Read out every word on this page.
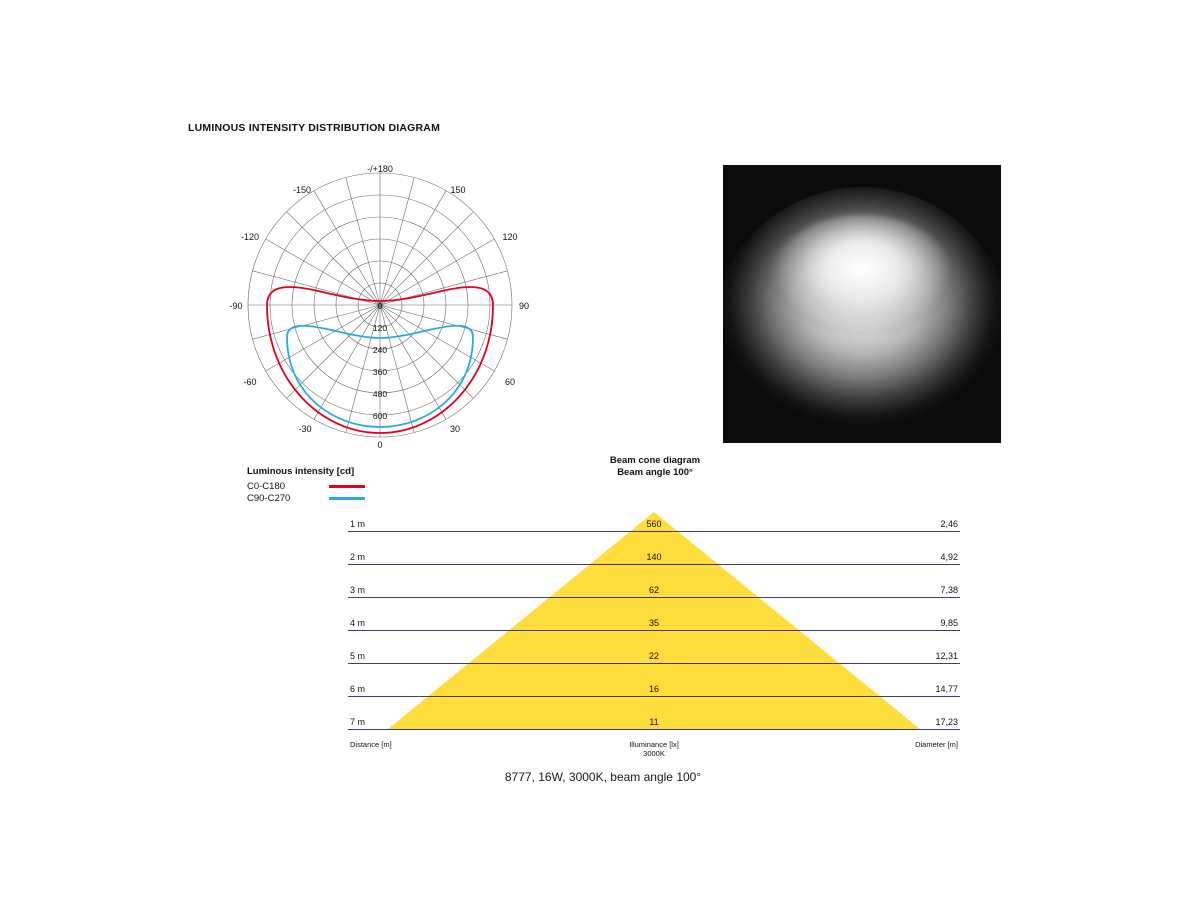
LUMINOUS INTENSITY DISTRIBUTION DIAGRAM
-/+180
-150	150
-120	120
-90	90
-60	60
-30	30
0
0
120
240
360
480
600
Luminous intensity [cd]
C0-C180
C90-C270
Beam cone diagram
Beam angle 100°
1 m	560	2,46
2 m	140	4,92
3 m	62	7,38
4 m	35	9,85
5 m	22	12,31
6 m	16	14,77
7 m	11	17,23
Distance [m]	Illuminance [lx]
3000K
Diameter [m]
8777, 16W, 3000K, beam angle 100°
